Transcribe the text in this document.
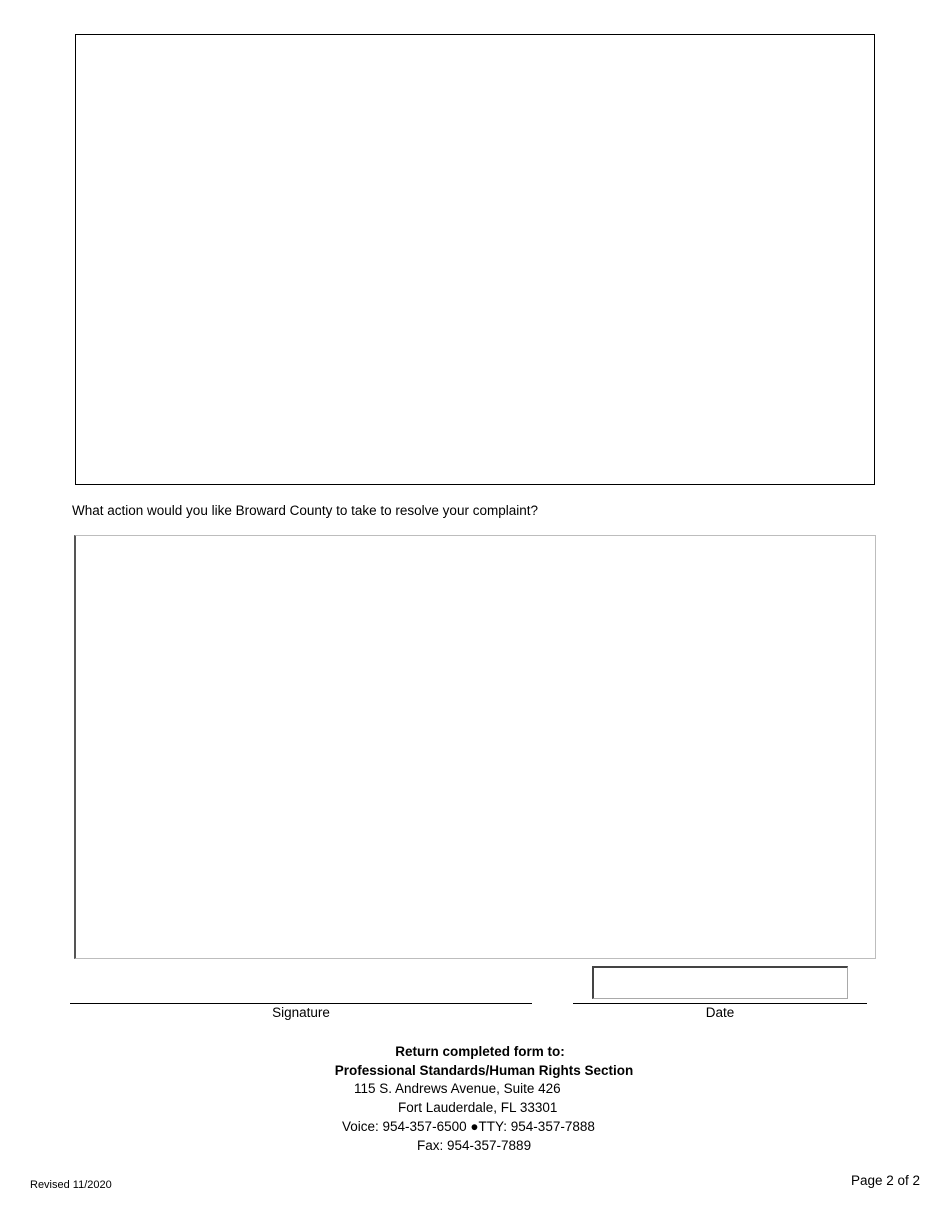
What action would you like Broward County to take to resolve your complaint?
Signature	Date
Return completed form to:
Professional Standards/Human Rights Section
115 S. Andrews Avenue, Suite 426
Fort Lauderdale, FL 33301
Voice: 954-357-6500 ●TTY: 954-357-7888
Fax: 954-357-7889
Revised 11/2020	Page 2 of 2
